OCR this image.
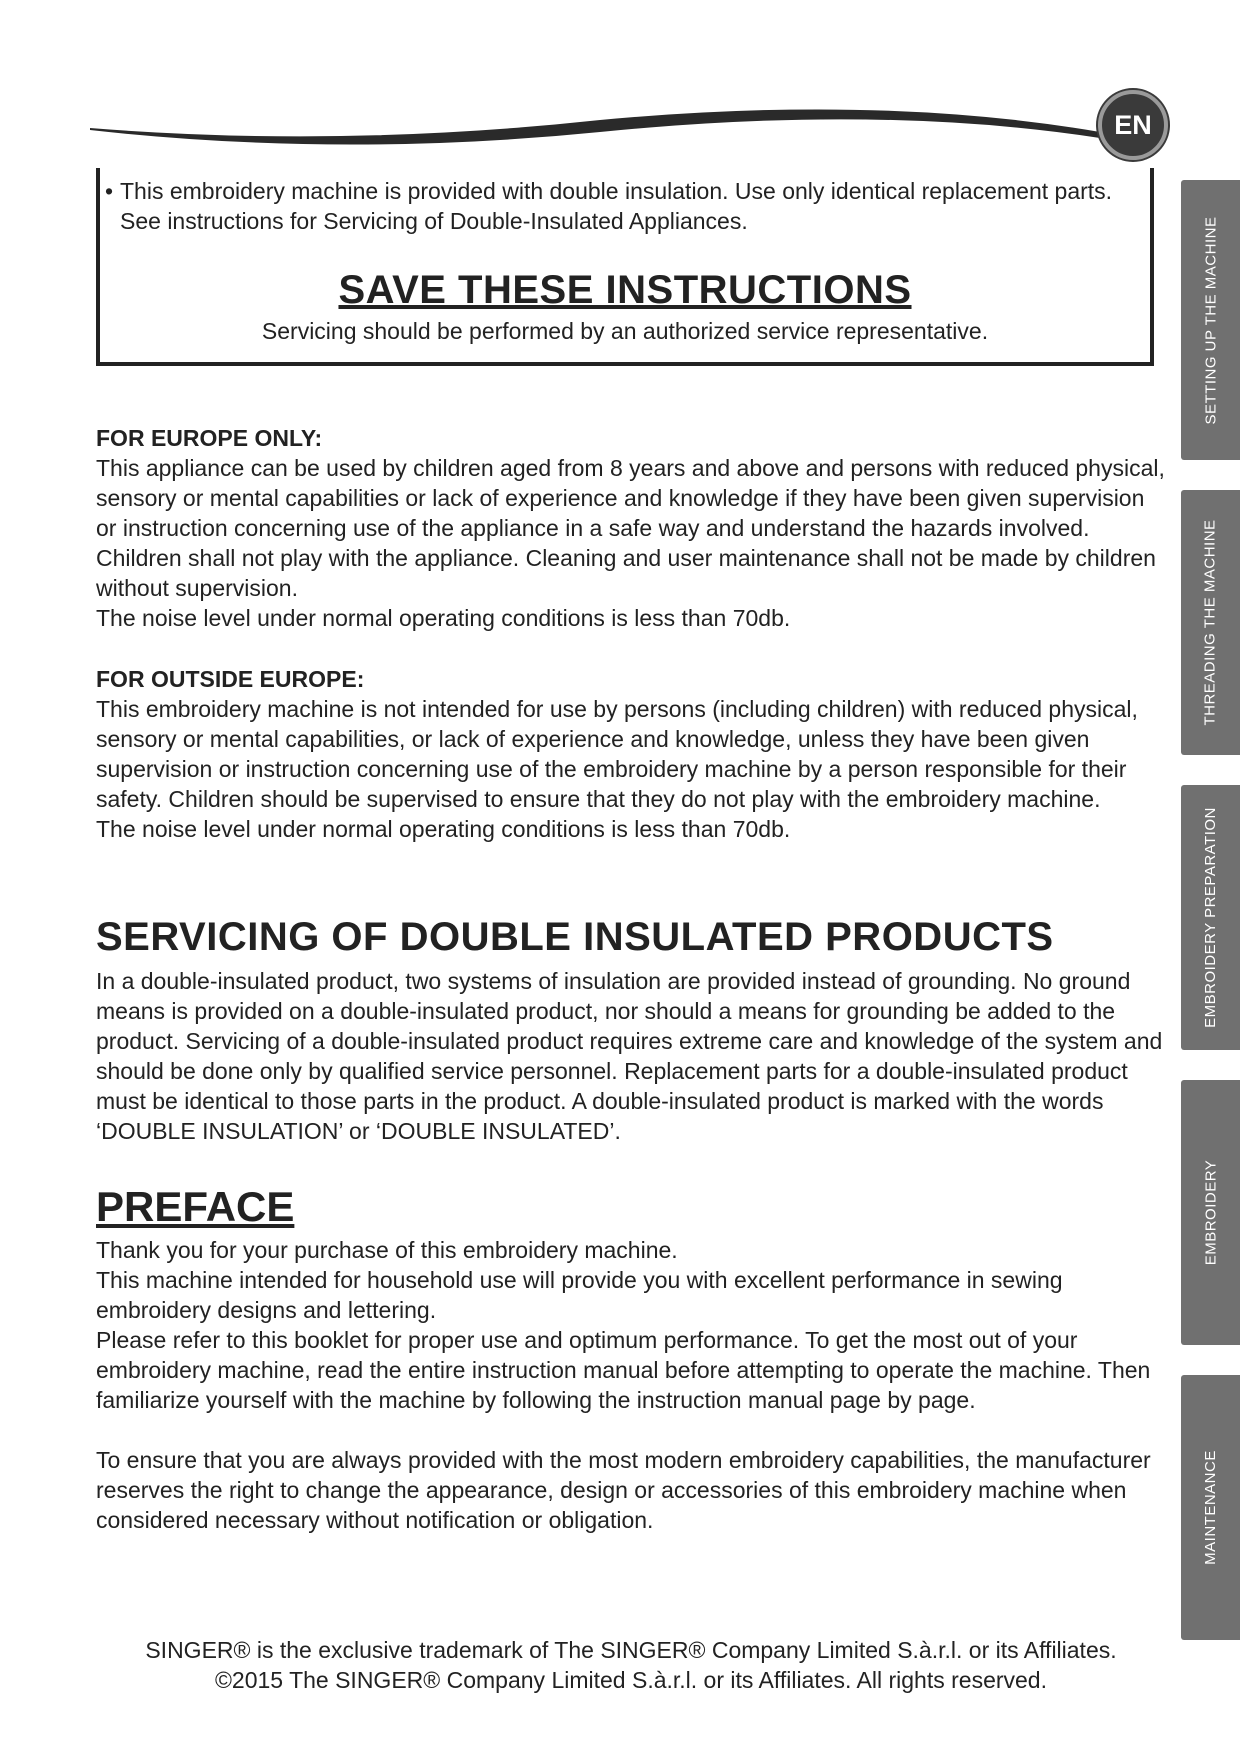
EN
• This embroidery machine is provided with double insulation. Use only identical replacement parts. See instructions for Servicing of Double-Insulated Appliances.
SAVE THESE INSTRUCTIONS
Servicing should be performed by an authorized service representative.

FOR EUROPE ONLY:

This appliance can be used by children aged from 8 years and above and persons with reduced physical, sensory or mental capabilities or lack of experience and knowledge if they have been given supervision or instruction concerning use of the appliance in a safe way and understand the hazards involved. Children shall not play with the appliance. Cleaning and user maintenance shall not be made by children without supervision.

The noise level under normal operating conditions is less than 70db.

FOR OUTSIDE EUROPE:

This embroidery machine is not intended for use by persons (including children) with reduced physical, sensory or mental capabilities, or lack of experience and knowledge, unless they have been given supervision or instruction concerning use of the embroidery machine by a person responsible for their safety. Children should be supervised to ensure that they do not play with the embroidery machine.

The noise level under normal operating conditions is less than 70db.

SERVICING OF DOUBLE INSULATED PRODUCTS

In a double-insulated product, two systems of insulation are provided instead of grounding. No ground means is provided on a double-insulated product, nor should a means for grounding be added to the product. Servicing of a double-insulated product requires extreme care and knowledge of the system and should be done only by qualified service personnel. Replacement parts for a double-insulated product must be identical to those parts in the product. A double-insulated product is marked with the words ‘DOUBLE INSULATION’ or ‘DOUBLE INSULATED’.

PREFACE

Thank you for your purchase of this embroidery machine.

This machine intended for household use will provide you with excellent performance in sewing embroidery designs and lettering.

Please refer to this booklet for proper use and optimum performance. To get the most out of your embroidery machine, read the entire instruction manual before attempting to operate the machine. Then familiarize yourself with the machine by following the instruction manual page by page.

To ensure that you are always provided with the most modern embroidery capabilities, the manufacturer reserves the right to change the appearance, design or accessories of this embroidery machine when considered necessary without notification or obligation.

SINGER® is the exclusive trademark of The SINGER® Company Limited S.à.r.l. or its Affiliates.
©2015 The SINGER® Company Limited S.à.r.l. or its Affiliates. All rights reserved.
SETTING UP THE MACHINE
THREADING THE MACHINE
EMBROIDERY PREPARATION
EMBROIDERY
MAINTENANCE
